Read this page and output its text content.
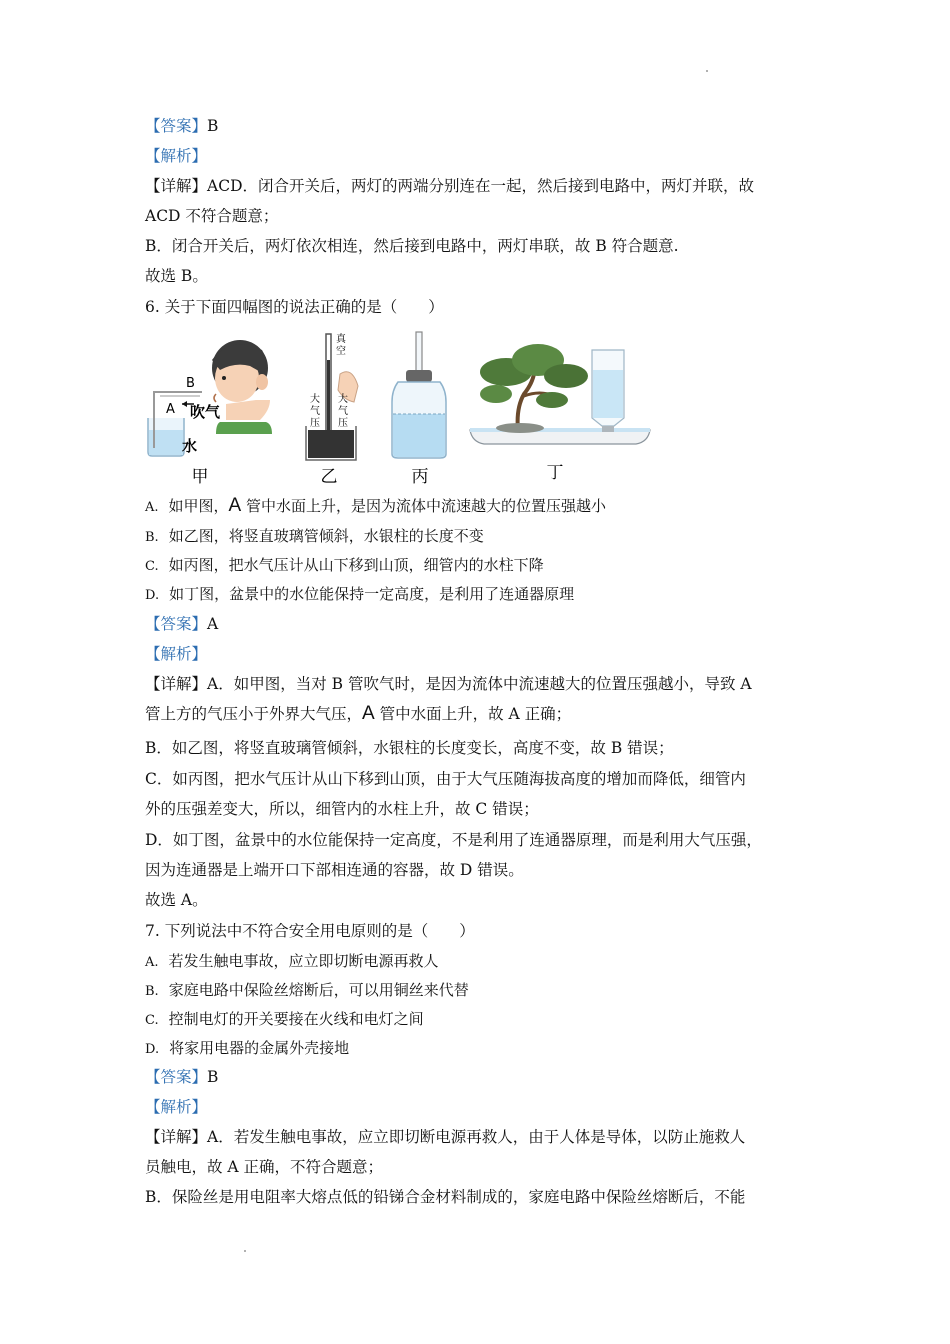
【答案】B
【解析】
【详解】ACD．闭合开关后，两灯的两端分别连在一起，然后接到电路中，两灯并联，故
ACD 不符合题意；
B．闭合开关后，两灯依次相连，然后接到电路中，两灯串联，故 B 符合题意.
故选 B。
6. 关于下面四幅图的说法正确的是（　　）
B
A 吹气
水
甲
真
空
大
气
压
大
气
压
乙	丙	丁
A. 如甲图，A 管中水面上升，是因为流体中流速越大的位置压强越小
B. 如乙图，将竖直玻璃管倾斜，水银柱的长度不变
C. 如丙图，把水气压计从山下移到山顶，细管内的水柱下降
D. 如丁图，盆景中的水位能保持一定高度，是利用了连通器原理
【答案】A
【解析】
【详解】A．如甲图，当对 B 管吹气时，是因为流体中流速越大的位置压强越小，导致 A
管上方的气压小于外界大气压，A 管中水面上升，故 A 正确；
B．如乙图，将竖直玻璃管倾斜，水银柱的长度变长，高度不变，故 B 错误；
C．如丙图，把水气压计从山下移到山顶，由于大气压随海拔高度的增加而降低，细管内
外的压强差变大，所以，细管内的水柱上升，故 C 错误；
D．如丁图，盆景中的水位能保持一定高度，不是利用了连通器原理，而是利用大气压强，
因为连通器是上端开口下部相连通的容器，故 D 错误。
故选 A。
7. 下列说法中不符合安全用电原则的是（　　）
A. 若发生触电事故，应立即切断电源再救人
B. 家庭电路中保险丝熔断后，可以用铜丝来代替
C. 控制电灯的开关要接在火线和电灯之间
D. 将家用电器的金属外壳接地
【答案】B
【解析】
【详解】A．若发生触电事故，应立即切断电源再救人，由于人体是导体，以防止施救人
员触电，故 A 正确，不符合题意；
B．保险丝是用电阻率大熔点低的铅锑合金材料制成的，家庭电路中保险丝熔断后，不能
